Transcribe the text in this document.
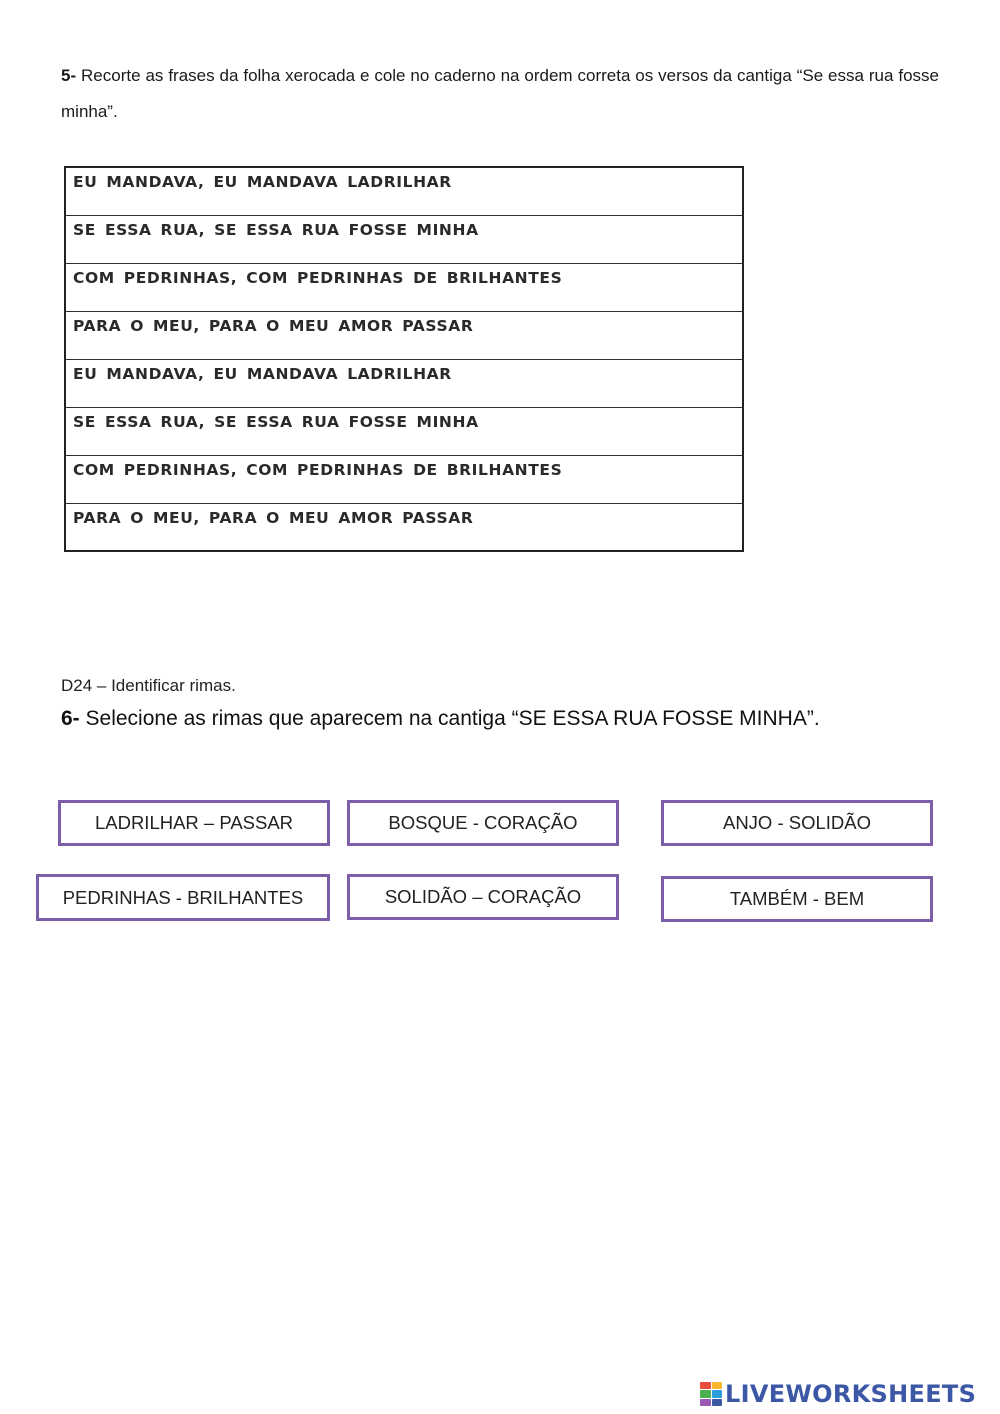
5- Recorte as frases da folha xerocada e cole no caderno na ordem correta os versos da cantiga “Se essa rua fosse minha”.
EU MANDAVA, EU MANDAVA LADRILHAR
SE ESSA RUA, SE ESSA RUA FOSSE MINHA
COM PEDRINHAS, COM PEDRINHAS DE BRILHANTES
PARA O MEU, PARA O MEU AMOR PASSAR
EU MANDAVA, EU MANDAVA LADRILHAR
SE ESSA RUA, SE ESSA RUA FOSSE MINHA
COM PEDRINHAS, COM PEDRINHAS DE BRILHANTES
PARA O MEU, PARA O MEU AMOR PASSAR
D24 – Identificar rimas.
6- Selecione as rimas que aparecem na cantiga “SE ESSA RUA FOSSE MINHA”.
LADRILHAR – PASSAR	BOSQUE - CORAÇÃO	ANJO - SOLIDÃO
PEDRINHAS - BRILHANTES	SOLIDÃO – CORAÇÃO	TAMBÉM - BEM
LIVEWORKSHEETS
